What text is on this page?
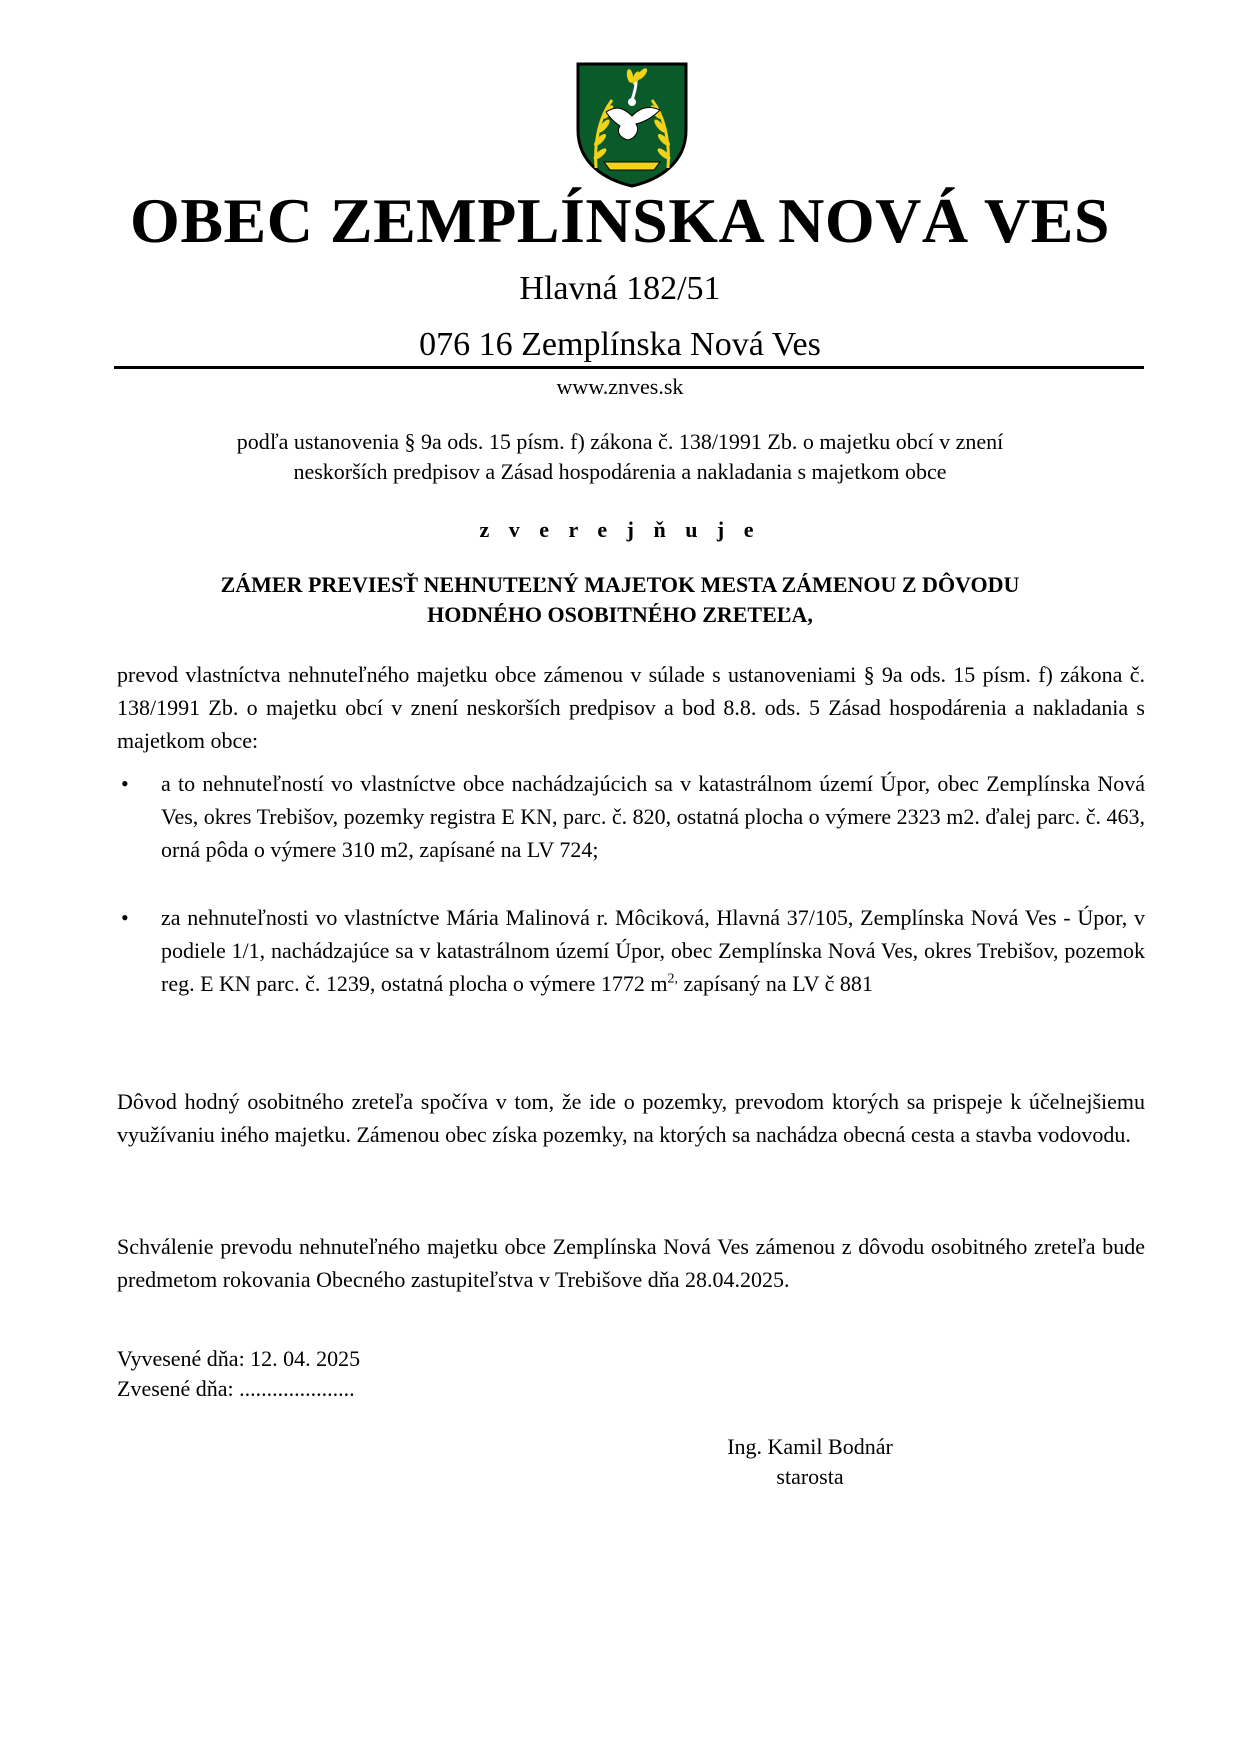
OBEC ZEMPLÍNSKA NOVÁ VES
Hlavná 182/51
076 16 Zemplínska Nová Ves
www.znves.sk
podľa ustanovenia § 9a ods. 15 písm. f) zákona č. 138/1991 Zb. o majetku obcí v znení
neskorších predpisov a Zásad hospodárenia a nakladania s majetkom obce
z v e r e j ň u j e
ZÁMER PREVIESŤ NEHNUTEĽNÝ MAJETOK MESTA ZÁMENOU Z DÔVODU
HODNÉHO OSOBITNÉHO ZRETEĽA,
prevod vlastníctva nehnuteľného majetku obce zámenou v súlade s ustanoveniami § 9a ods. 15 písm. f) zákona č. 138/1991 Zb. o majetku obcí v znení neskorších predpisov a bod 8.8. ods. 5 Zásad hospodárenia a nakladania s majetkom obce:
• a to nehnuteľností vo vlastníctve obce nachádzajúcich sa v katastrálnom území Úpor, obec Zemplínska Nová Ves, okres Trebišov, pozemky registra E KN, parc. č. 820, ostatná plocha o výmere 2323 m2. ďalej parc. č. 463, orná pôda o výmere 310 m2, zapísané na LV 724;
• za nehnuteľnosti vo vlastníctve Mária Malinová r. Môciková, Hlavná 37/105, Zemplínska Nová Ves - Úpor, v podiele 1/1, nachádzajúce sa v katastrálnom území Úpor, obec Zemplínska Nová Ves, okres Trebišov, pozemok reg. E KN parc. č. 1239, ostatná plocha o výmere 1772 $m^{2,}$ zapísaný na LV č 881
Dôvod hodný osobitného zreteľa spočíva v tom, že ide o pozemky, prevodom ktorých sa prispeje k účelnejšiemu využívaniu iného majetku. Zámenou obec získa pozemky, na ktorých sa nachádza obecná cesta a stavba vodovodu.
Schválenie prevodu nehnuteľného majetku obce Zemplínska Nová Ves zámenou z dôvodu osobitného zreteľa bude predmetom rokovania Obecného zastupiteľstva v Trebišove dňa 28.04.2025.
Vyvesené dňa: 12. 04. 2025
Zvesené dňa: .....................
Ing. Kamil Bodnár
starosta
